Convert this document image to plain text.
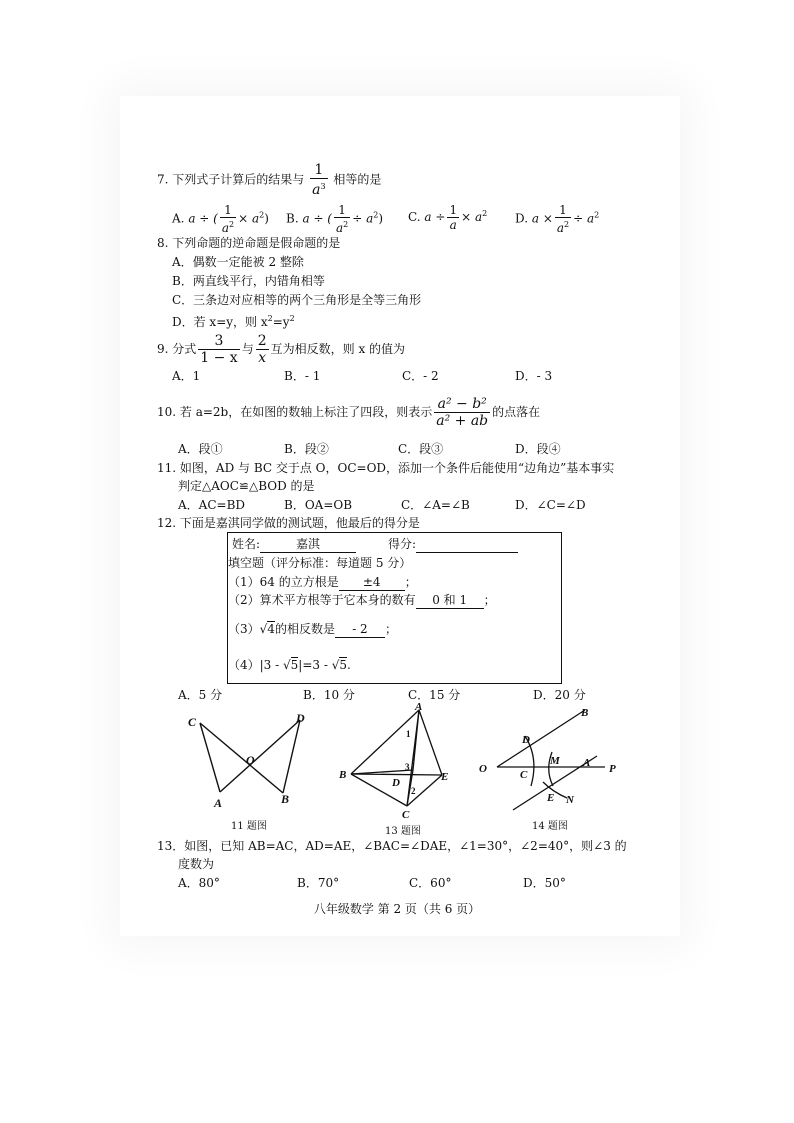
7. 下列式子计算后的结果与 $\frac{1}{a^3}$ 相等的是
A. a ÷ ( $\frac{1}{a^2} \times a^2$) B. a ÷ ( $\frac{1}{a^2} \div a^2$) C. $a \div \frac{1}{a} \times a^2$ D. $a \times \frac{1}{a^2} \div a^2$
8. 下列命题的逆命题是假命题的是
A．偶数一定能被 2 整除
B．两直线平行，内错角相等
C．三条边对应相等的两个三角形是全等三角形
D．若 x=y，则 $x^2=y^2$
9. 分式 $\frac{3}{1 - x}$ 与 $\frac{2}{x}$ 互为相反数，则 x 的值为
A．1	B．- 1	C．- 2	D．- 3
10. 若 a=2b，在如图的数轴上标注了四段，则表示 $\frac{\text{a² − b²}}{\text{a² + ab}}$ 的点落在
A．段①	B．段②	C．段③	D．段④
11. 如图，AD 与 BC 交于点 O，OC=OD，添加一个条件后能使用“边角边”基本事实
判定△AOC≌△BOD 的是
A．AC=BD	B．OA=OB	C．∠A=∠B	D．∠C=∠D
12. 下面是嘉淇同学做的测试题，他最后的得分是
姓名:	嘉淇	得分:
填空题（评分标准：每道题 5 分）
（1）64 的立方根是 ±4 ；
（2）算术平方根等于它本身的数有 0 和 1 ；
（3）√4的相反数是 - 2 ；
（4）|3 - √5|=3 - √5.
A．5 分	B．10 分	C．15 分	D．20 分
C	D
O
A	B
11 题图
A
B	E
D
C
1
2
3
13 题图
B
D
M A P
O	C
E N
14 题图
13．如图，已知 AB=AC，AD=AE，∠BAC=∠DAE，∠1=30°，∠2=40°，则∠3 的
度数为
A．80°	B．70°	C．60°	D．50°
八年级数学 第 2 页（共 6 页）
